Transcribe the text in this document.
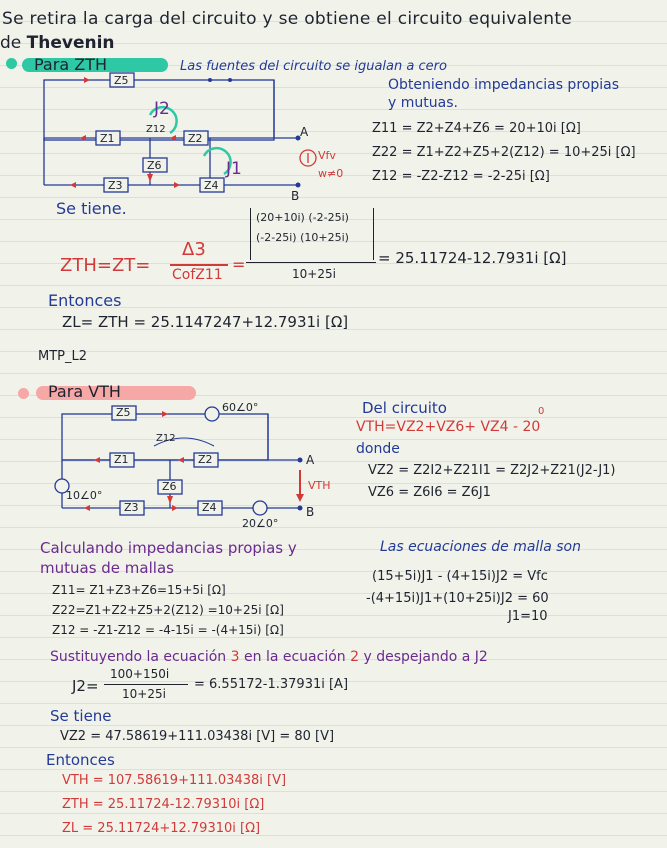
Se retira la carga del circuito y se obtiene el circuito equivalente
de Thevenin
Para ZTH	Las fuentes del circuito se igualan a cero
Z5
Z1	Z2
Z6
Z3	Z4
Z12
J2
J1
A
B
Vfv
w≠0
Obteniendo impedancias propias
y mutuas.
Z11 = Z2+Z4+Z6 = 20+10i [Ω]
Z22 = Z1+Z2+Z5+2(Z12) = 10+25i [Ω]
Z12 = -Z2-Z12 = -2-25i [Ω]
Se tiene.
ZTH=ZT=
Δ3
CofZ11
=
(20+10i) (-2-25i)
(-2-25i) (10+25i)
10+25i
= 25.11724-12.7931i [Ω]
Entonces
ZL= ZTH = 25.1147247+12.7931i [Ω]
MTP_L2
Para VTH
Z5
Z1	Z2
Z6
Z3	Z4
Z12
60∠0°
10∠0°
20∠0°
A
B
VTH
Del circuito
VTH=VZ2+VZ6+ VZ4 - 20
0
donde
VZ2 = Z2I2+Z21I1 = Z2J2+Z21(J2-J1)
VZ6 = Z6I6 = Z6J1
Calculando impedancias propias y
mutuas de mallas
Z11= Z1+Z3+Z6=15+5i [Ω]
Z22=Z1+Z2+Z5+2(Z12) =10+25i [Ω]
Z12 = -Z1-Z12 = -4-15i = -(4+15i) [Ω]
Las ecuaciones de malla son
(15+5i)J1 - (4+15i)J2 = Vfc
-(4+15i)J1+(10+25i)J2 = 60
J1=10
Sustituyendo la ecuación 3 en la ecuación 2 y despejando a J2
J2=
100+150i
10+25i
= 6.55172-1.37931i [A]
Se tiene
VZ2 = 47.58619+111.03438i [V] = 80 [V]
Entonces
VTH = 107.58619+111.03438i [V]
ZTH = 25.11724-12.79310i [Ω]
ZL = 25.11724+12.79310i [Ω]
